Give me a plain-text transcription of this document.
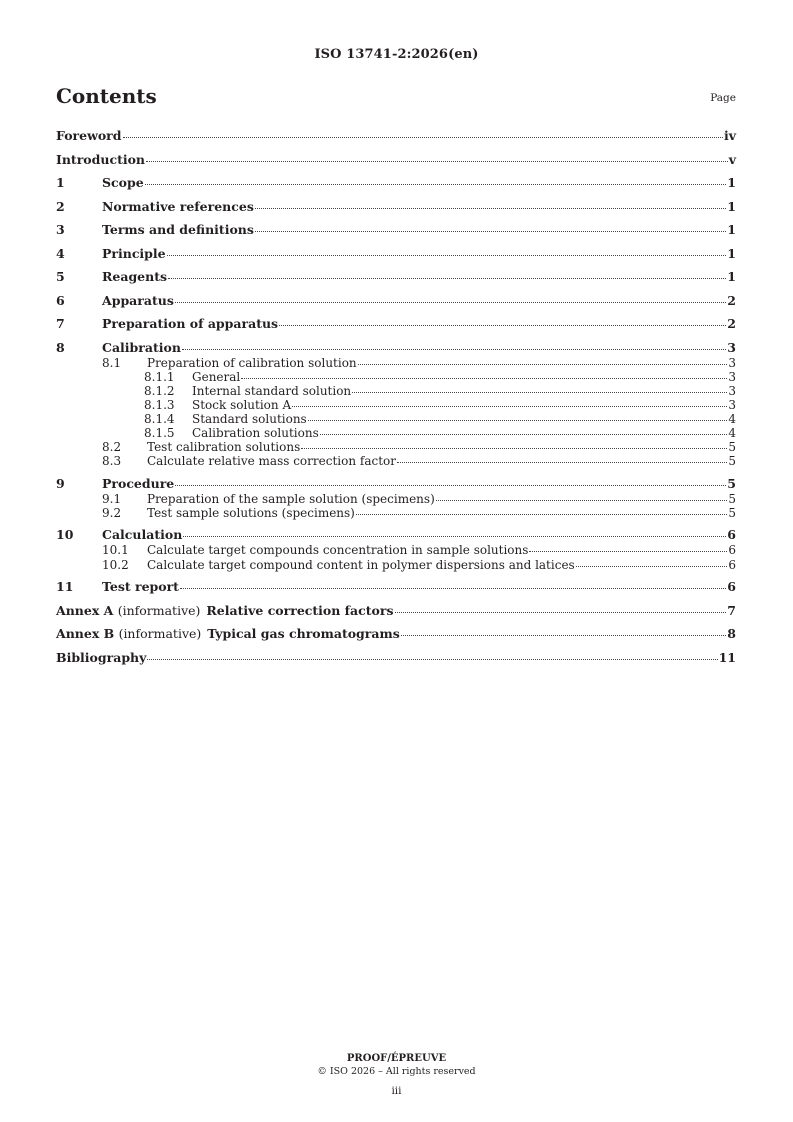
ISO 13741-2:2026(en)
Contents	Page
Foreword	iv
Introduction	v
1	Scope	1
2	Normative references	1
3	Terms and definitions	1
4	Principle	1
5	Reagents	1
6	Apparatus	2
7	Preparation of apparatus	2
8	Calibration	3
8.1	Preparation of calibration solution	3
8.1.1	General	3
8.1.2	Internal standard solution	3
8.1.3	Stock solution A	3
8.1.4	Standard solutions	4
8.1.5	Calibration solutions	4
8.2	Test calibration solutions	5
8.3	Calculate relative mass correction factor	5
9	Procedure	5
9.1	Preparation of the sample solution (specimens)	5
9.2	Test sample solutions (specimens)	5
10	Calculation	6
10.1	Calculate target compounds concentration in sample solutions	6
10.2	Calculate target compound content in polymer dispersions and latices	6
11	Test report	6
Annex A (informative) Relative correction factors	7
Annex B (informative) Typical gas chromatograms	8
Bibliography	11
PROOF/ÉPREUVE
© ISO 2026 – All rights reserved
iii
